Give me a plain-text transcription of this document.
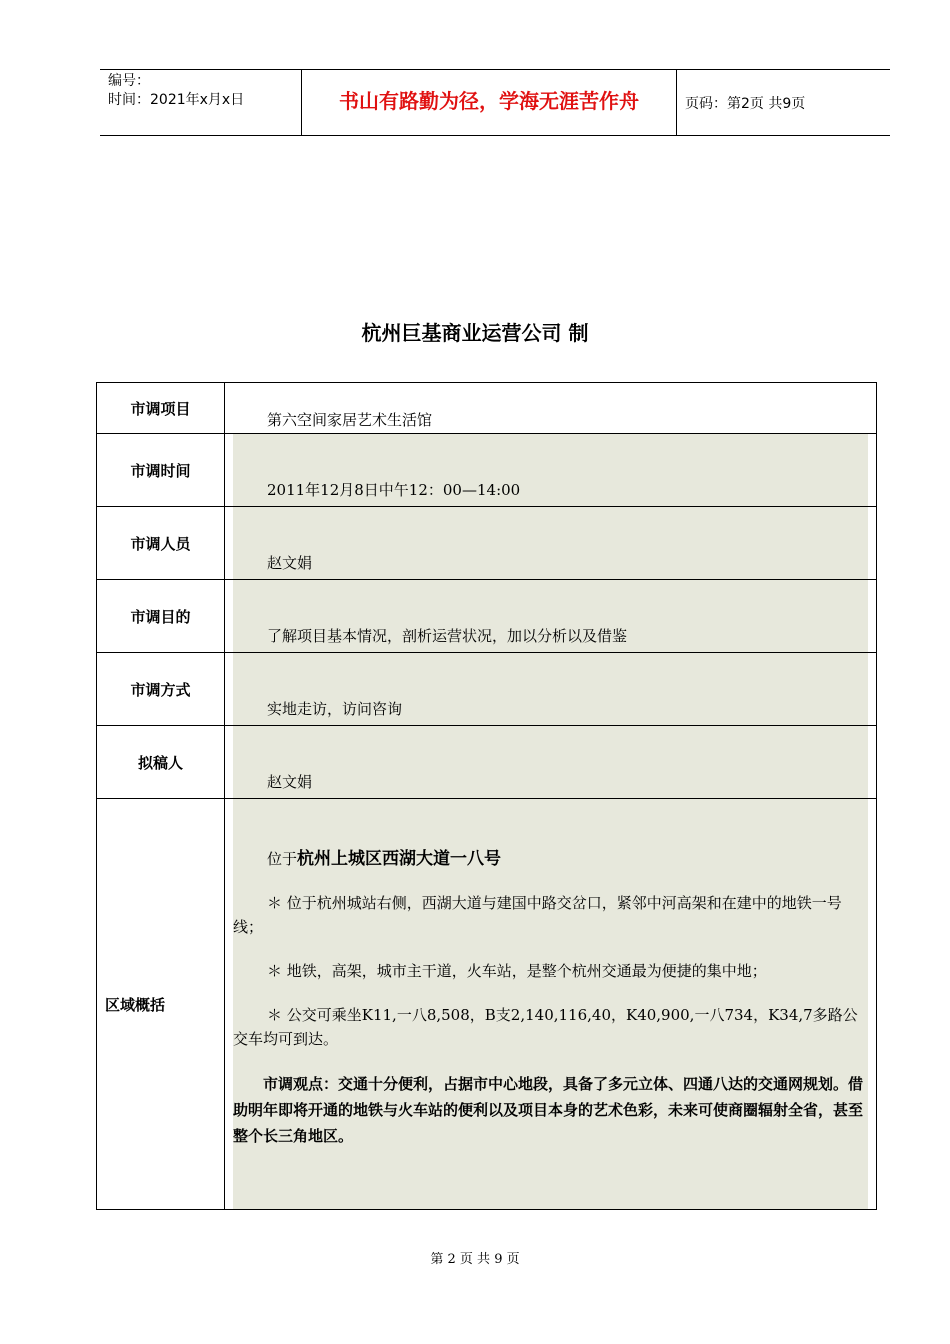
编号：
时间：2021年x月x日	书山有路勤为径，学海无涯苦作舟	页码：第2页 共9页
杭州巨基商业运营公司 制
市调项目	第六空间家居艺术生活馆

市调时间	2011年12月8日中午12：00—14:00

市调人员	赵文娟

市调目的	了解项目基本情况，剖析运营状况，加以分析以及借鉴

市调方式	实地走访，访问咨询

拟稿人	赵文娟

区域概括	位于杭州上城区西湖大道一八号

＊ 位于杭州城站右侧，西湖大道与建国中路交岔口，紧邻中河高架和在建中的地铁一号线；

＊ 地铁，高架，城市主干道，火车站，是整个杭州交通最为便捷的集中地；

＊ 公交可乘坐K11,一八8,508，B支2,140,116,40，K40,900,一八734，K34,7多路公交车均可到达。

市调观点：交通十分便利，占据市中心地段，具备了多元立体、四通八达的交通网规划。借助明年即将开通的地铁与火车站的便利以及项目本身的艺术色彩，未来可使商圈辐射全省，甚至整个长三角地区。

第 2 页 共 9 页
